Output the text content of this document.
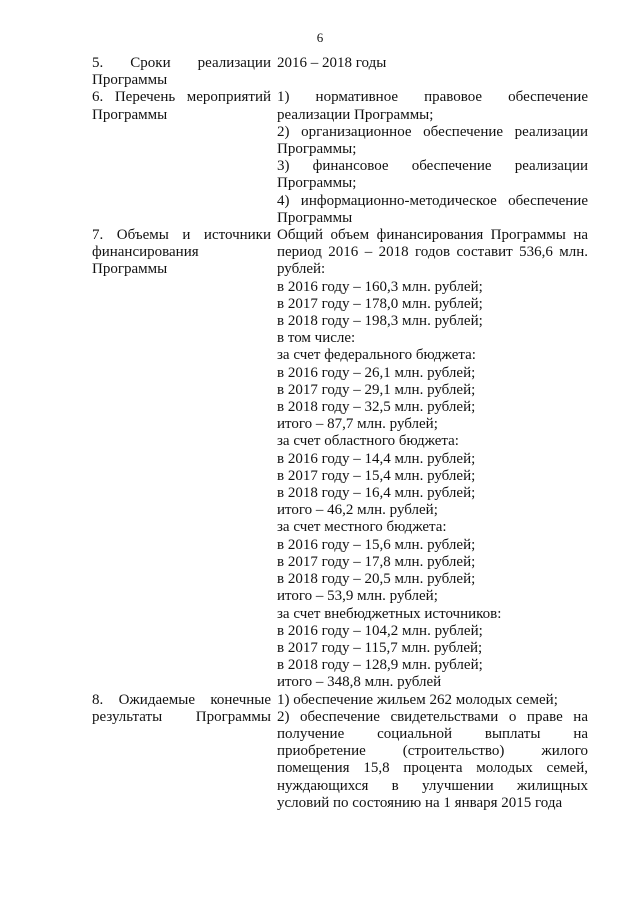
6
5. Сроки реализации
Программы
2016 – 2018 годы
6. Перечень мероприятий
Программы
1) нормативное правовое обеспечение
реализации Программы;
2) организационное обеспечение реализации
Программы;
3) финансовое обеспечение реализации
Программы;
4) информационно-методическое обеспечение
Программы
7. Объемы и источники
финансирования
Программы
Общий объем финансирования Программы на
период 2016 – 2018 годов составит 536,6 млн.
рублей:
в 2016 году – 160,3 млн. рублей;
в 2017 году – 178,0 млн. рублей;
в 2018 году – 198,3 млн. рублей;
в том числе:
за счет федерального бюджета:
в 2016 году – 26,1 млн. рублей;
в 2017 году – 29,1 млн. рублей;
в 2018 году – 32,5 млн. рублей;
итого – 87,7 млн. рублей;
за счет областного бюджета:
в 2016 году – 14,4 млн. рублей;
в 2017 году – 15,4 млн. рублей;
в 2018 году – 16,4 млн. рублей;
итого – 46,2 млн. рублей;
за счет местного бюджета:
в 2016 году – 15,6 млн. рублей;
в 2017 году – 17,8 млн. рублей;
в 2018 году – 20,5 млн. рублей;
итого – 53,9 млн. рублей;
за счет внебюджетных источников:
в 2016 году – 104,2 млн. рублей;
в 2017 году – 115,7 млн. рублей;
в 2018 году – 128,9 млн. рублей;
итого – 348,8 млн. рублей
8. Ожидаемые конечные
результаты Программы
1) обеспечение жильем 262 молодых семей;
2) обеспечение свидетельствами о праве на
получение социальной выплаты на
приобретение (строительство) жилого
помещения 15,8 процента молодых семей,
нуждающихся в улучшении жилищных
условий по состоянию на 1 января 2015 года
